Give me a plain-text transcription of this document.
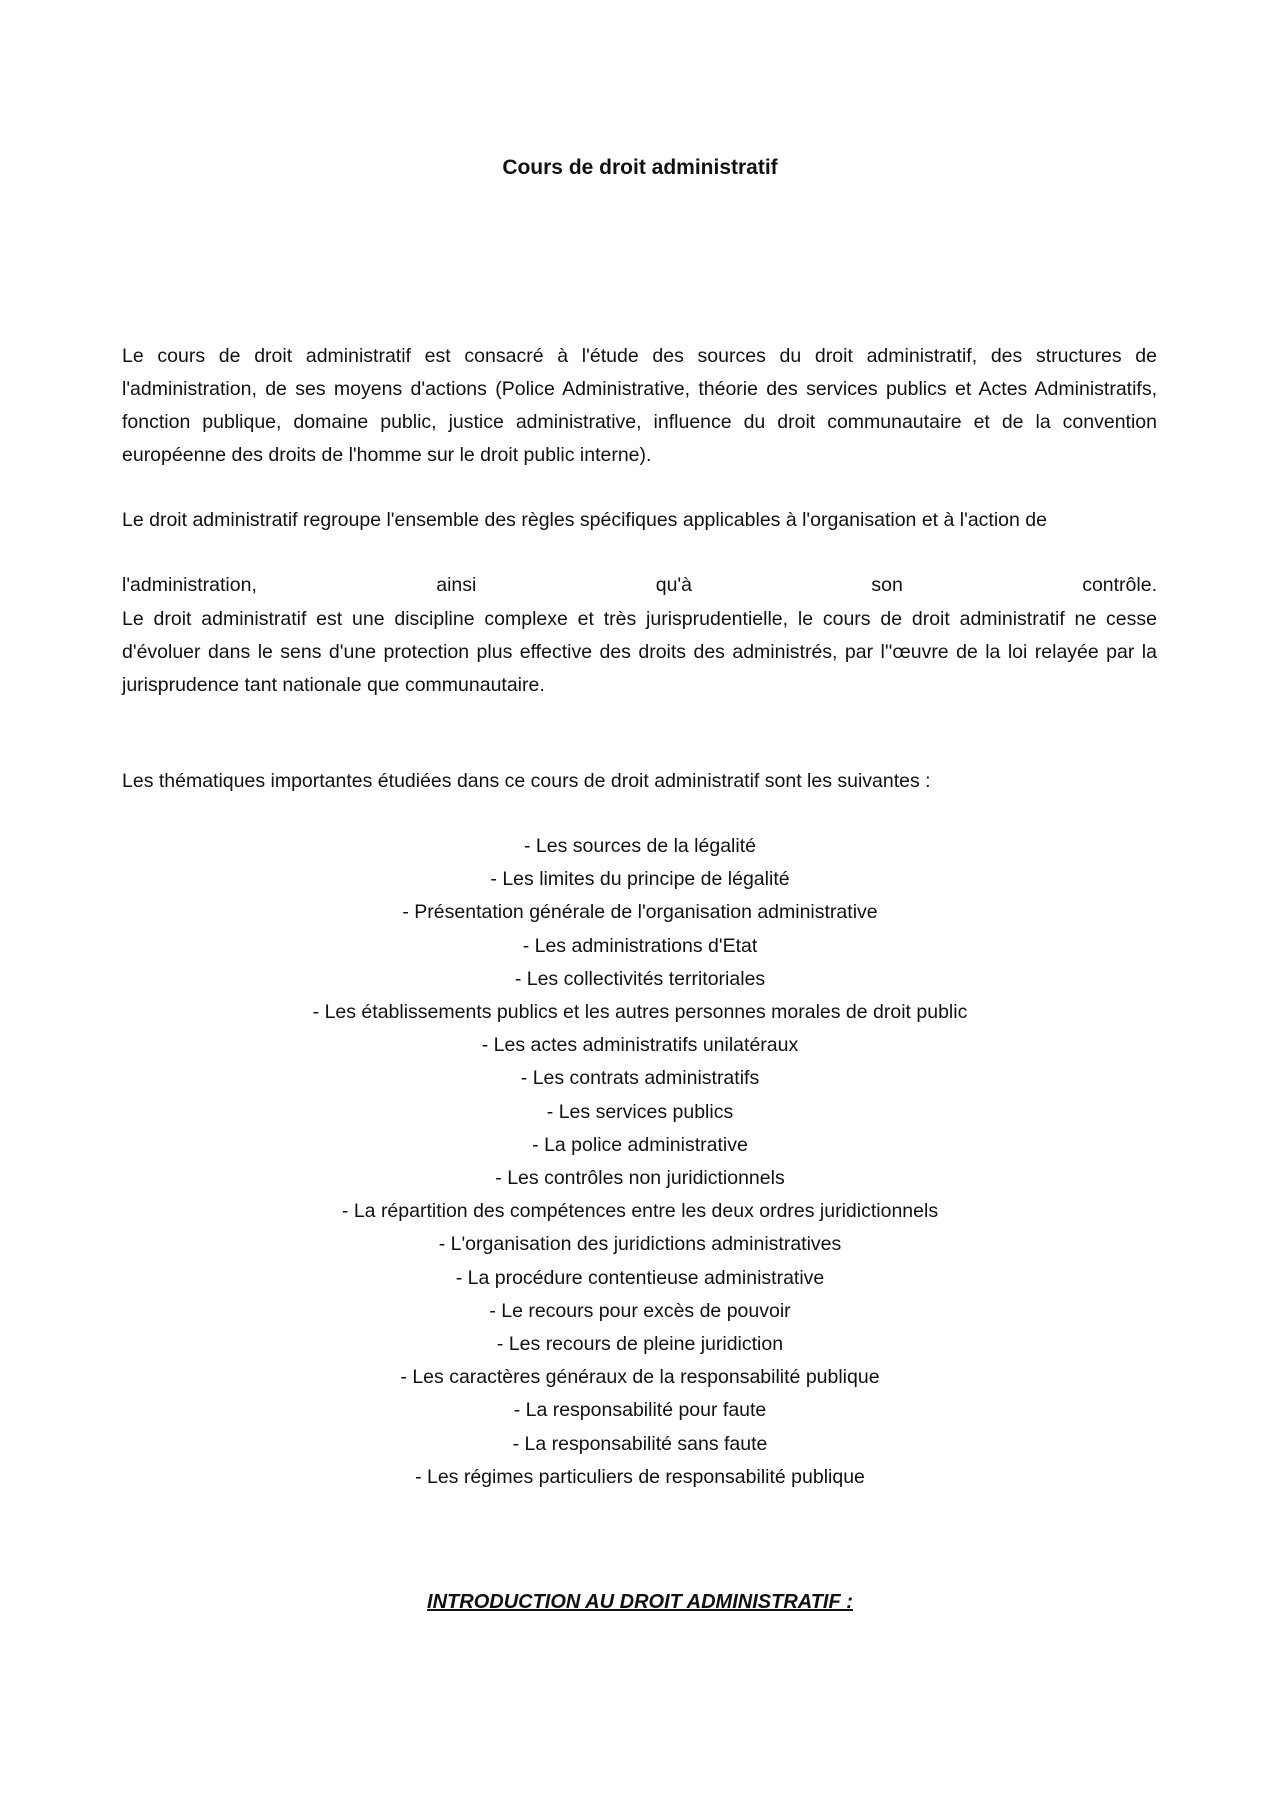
Cours de droit administratif

Le cours de droit administratif est consacré à l'étude des sources du droit administratif, des structures de l'administration, de ses moyens d'actions (Police Administrative, théorie des services publics et Actes Administratifs, fonction publique, domaine public, justice administrative, influence du droit communautaire et de la convention européenne des droits de l'homme sur le droit public interne).

Le droit administratif regroupe l'ensemble des règles spécifiques applicables à l'organisation et à l'action de

l'administration, ainsi qu'à son contrôle.

Le droit administratif est une discipline complexe et très jurisprudentielle, le cours de droit administratif ne cesse d'évoluer dans le sens d'une protection plus effective des droits des administrés, par l''œuvre de la loi relayée par la jurisprudence tant nationale que communautaire.

Les thématiques importantes étudiées dans ce cours de droit administratif sont les suivantes :

- Les sources de la légalité
- Les limites du principe de légalité
- Présentation générale de l'organisation administrative
- Les administrations d'Etat
- Les collectivités territoriales
- Les établissements publics et les autres personnes morales de droit public
- Les actes administratifs unilatéraux
- Les contrats administratifs
- Les services publics
- La police administrative
- Les contrôles non juridictionnels
- La répartition des compétences entre les deux ordres juridictionnels
- L'organisation des juridictions administratives
- La procédure contentieuse administrative
- Le recours pour excès de pouvoir
- Les recours de pleine juridiction
- Les caractères généraux de la responsabilité publique
- La responsabilité pour faute
- La responsabilité sans faute
- Les régimes particuliers de responsabilité publique
INTRODUCTION AU DROIT ADMINISTRATIF :
